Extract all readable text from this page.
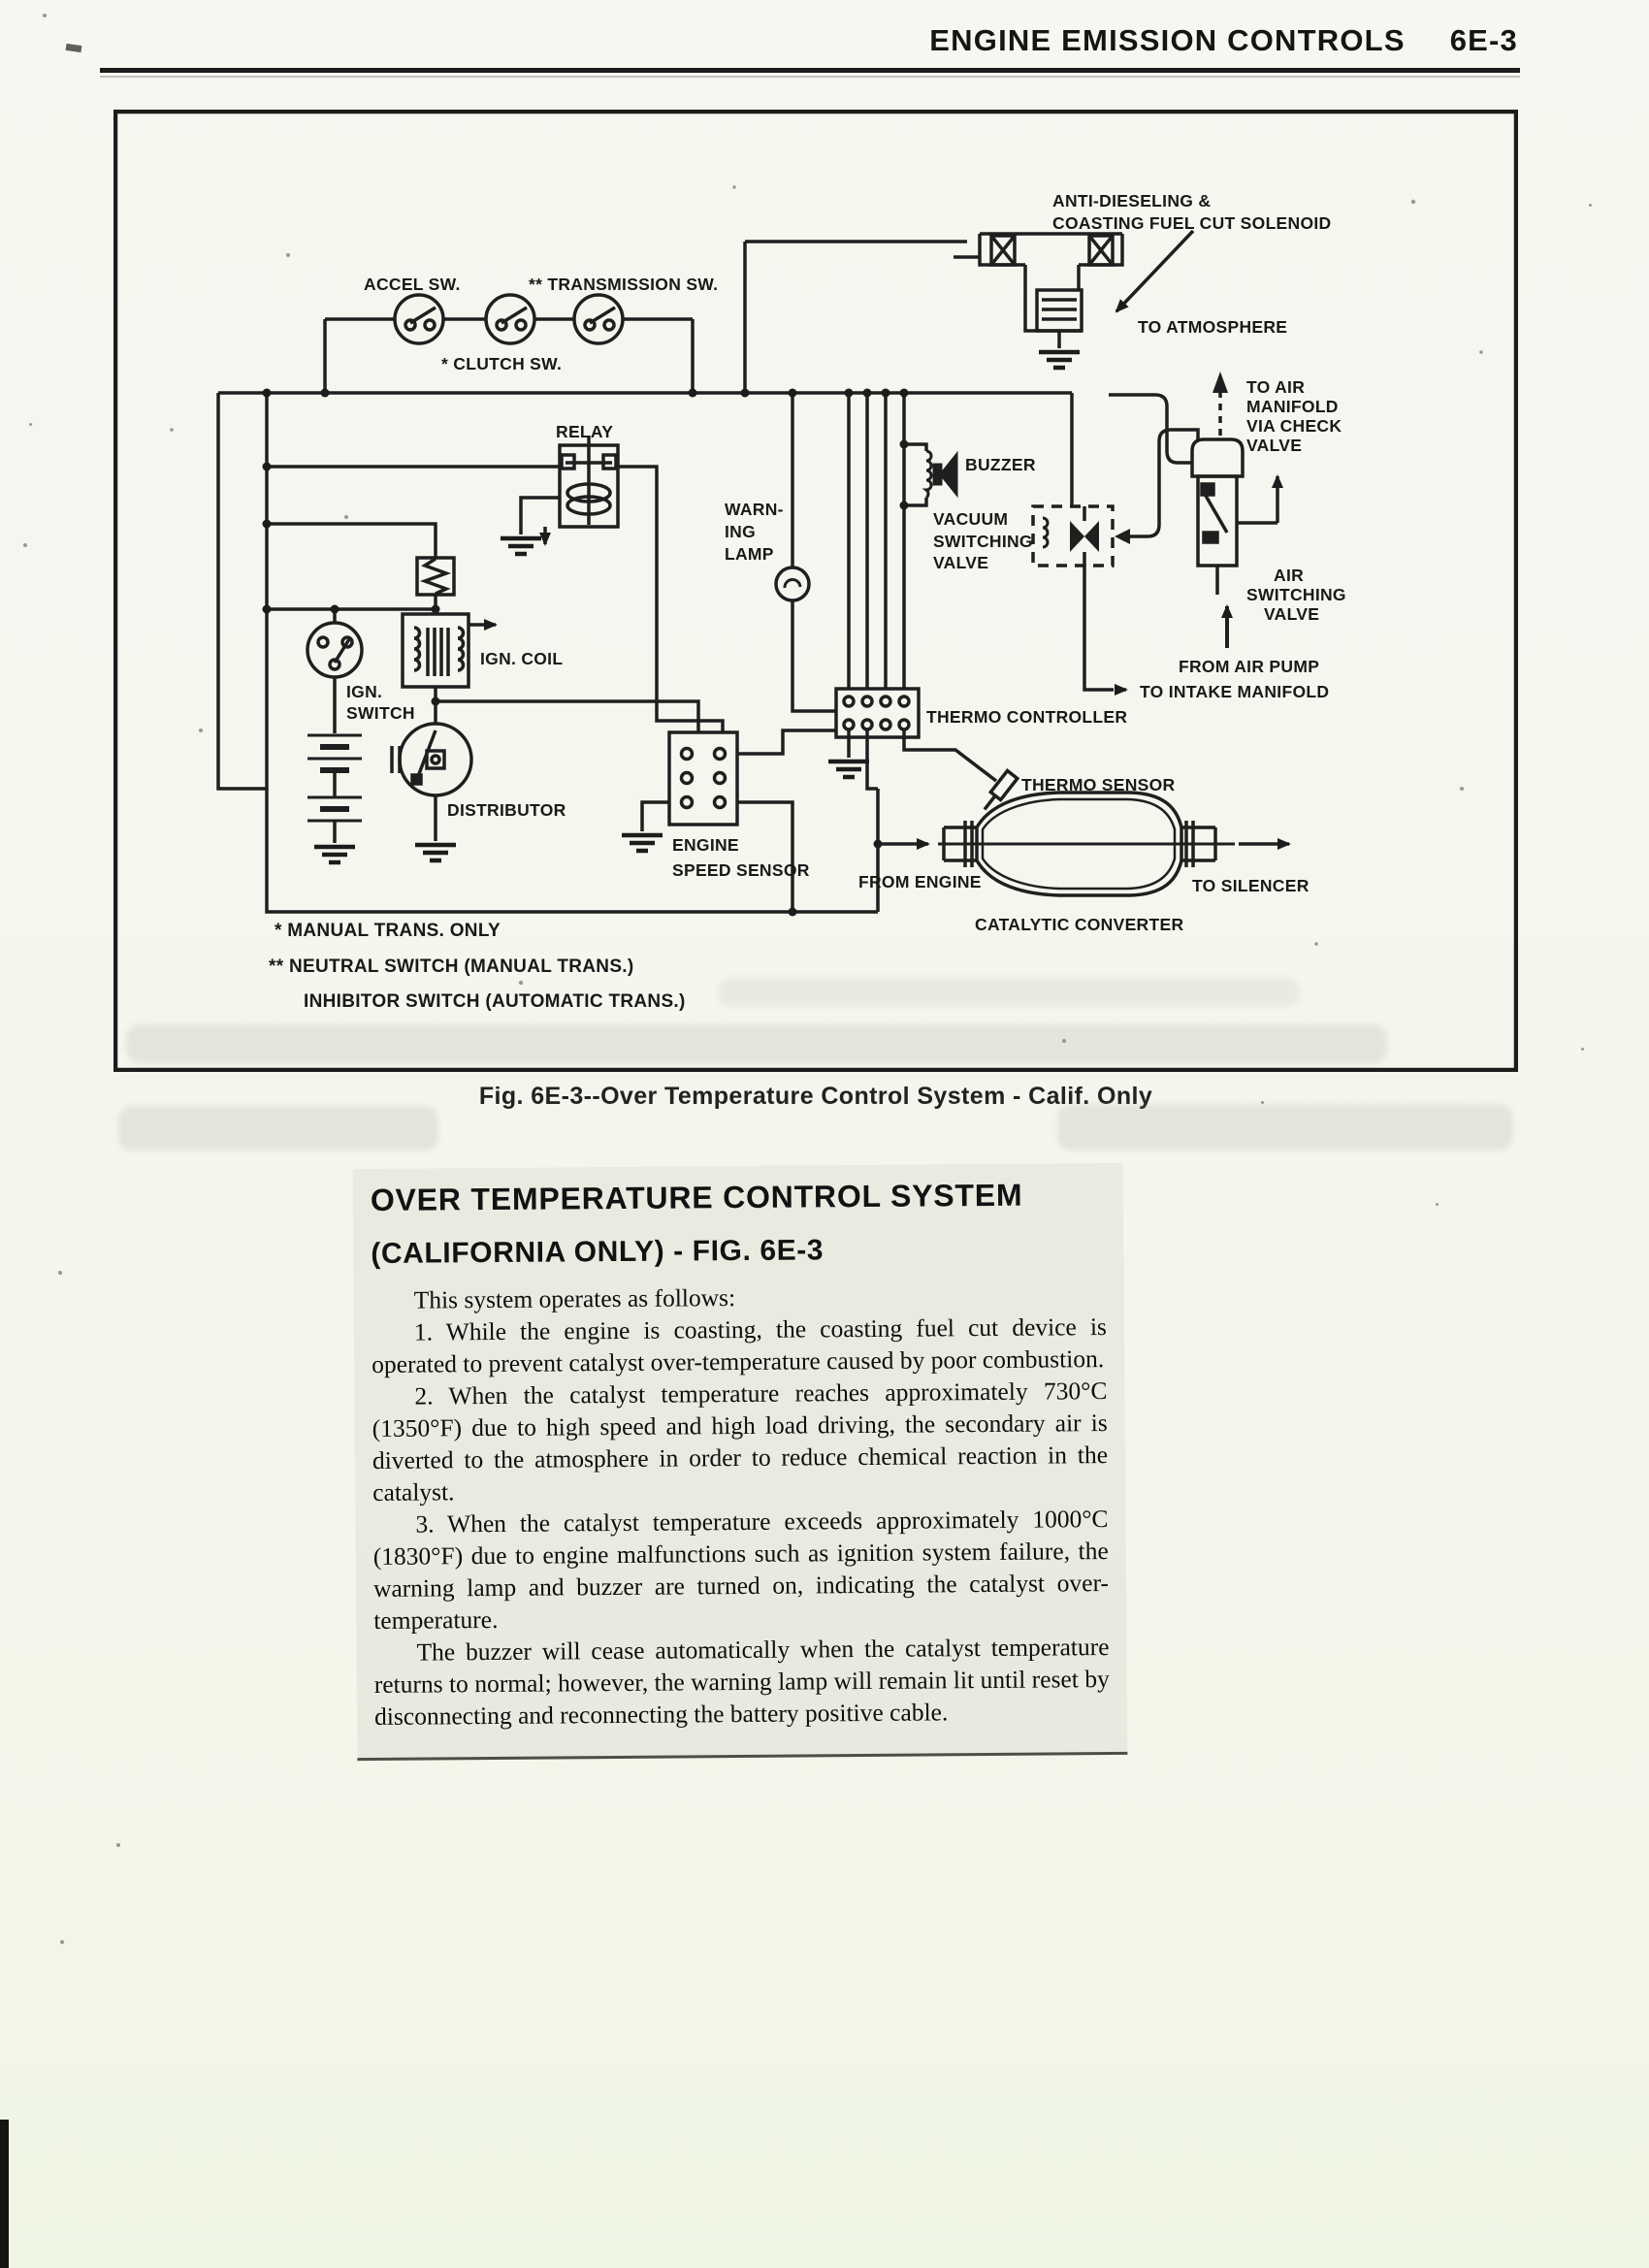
ENGINE EMISSION CONTROLS 6E-3
ACCEL SW.	** TRANSMISSION SW.
* CLUTCH SW.
RELAY
ANTI-DIESELING &
COASTING FUEL CUT SOLENOID
TO ATMOSPHERE
TO AIR
MANIFOLD
VIA CHECK
VALVE
WARN-
ING
LAMP
BUZZER
VACUUM
SWITCHING
VALVE
AIR
SWITCHING
VALVE
FROM AIR PUMP
TO INTAKE MANIFOLD
THERMO CONTROLLER
THERMO SENSOR
FROM ENGINE	TO SILENCER
CATALYTIC CONVERTER
IGN.
SWITCH
IGN. COIL
DISTRIBUTOR
ENGINE
SPEED SENSOR
* MANUAL TRANS. ONLY
** NEUTRAL SWITCH (MANUAL TRANS.)
INHIBITOR SWITCH (AUTOMATIC TRANS.)
Fig. 6E-3--Over Temperature Control System - Calif. Only
OVER TEMPERATURE CONTROL SYSTEM
(CALIFORNIA ONLY) - FIG. 6E-3

This system operates as follows:

1. While the engine is coasting, the coasting fuel cut device is operated to prevent catalyst over-temperature caused by poor combustion.

2. When the catalyst temperature reaches approximately 730°C (1350°F) due to high speed and high load driving, the secondary air is diverted to the atmosphere in order to reduce chemical reaction in the catalyst.

3. When the catalyst temperature exceeds approximately 1000°C (1830°F) due to engine malfunctions such as ignition system failure, the warning lamp and buzzer are turned on, indicating the catalyst over-temperature.

The buzzer will cease automatically when the catalyst temperature returns to normal; however, the warning lamp will remain lit until reset by disconnecting and reconnecting the battery positive cable.
